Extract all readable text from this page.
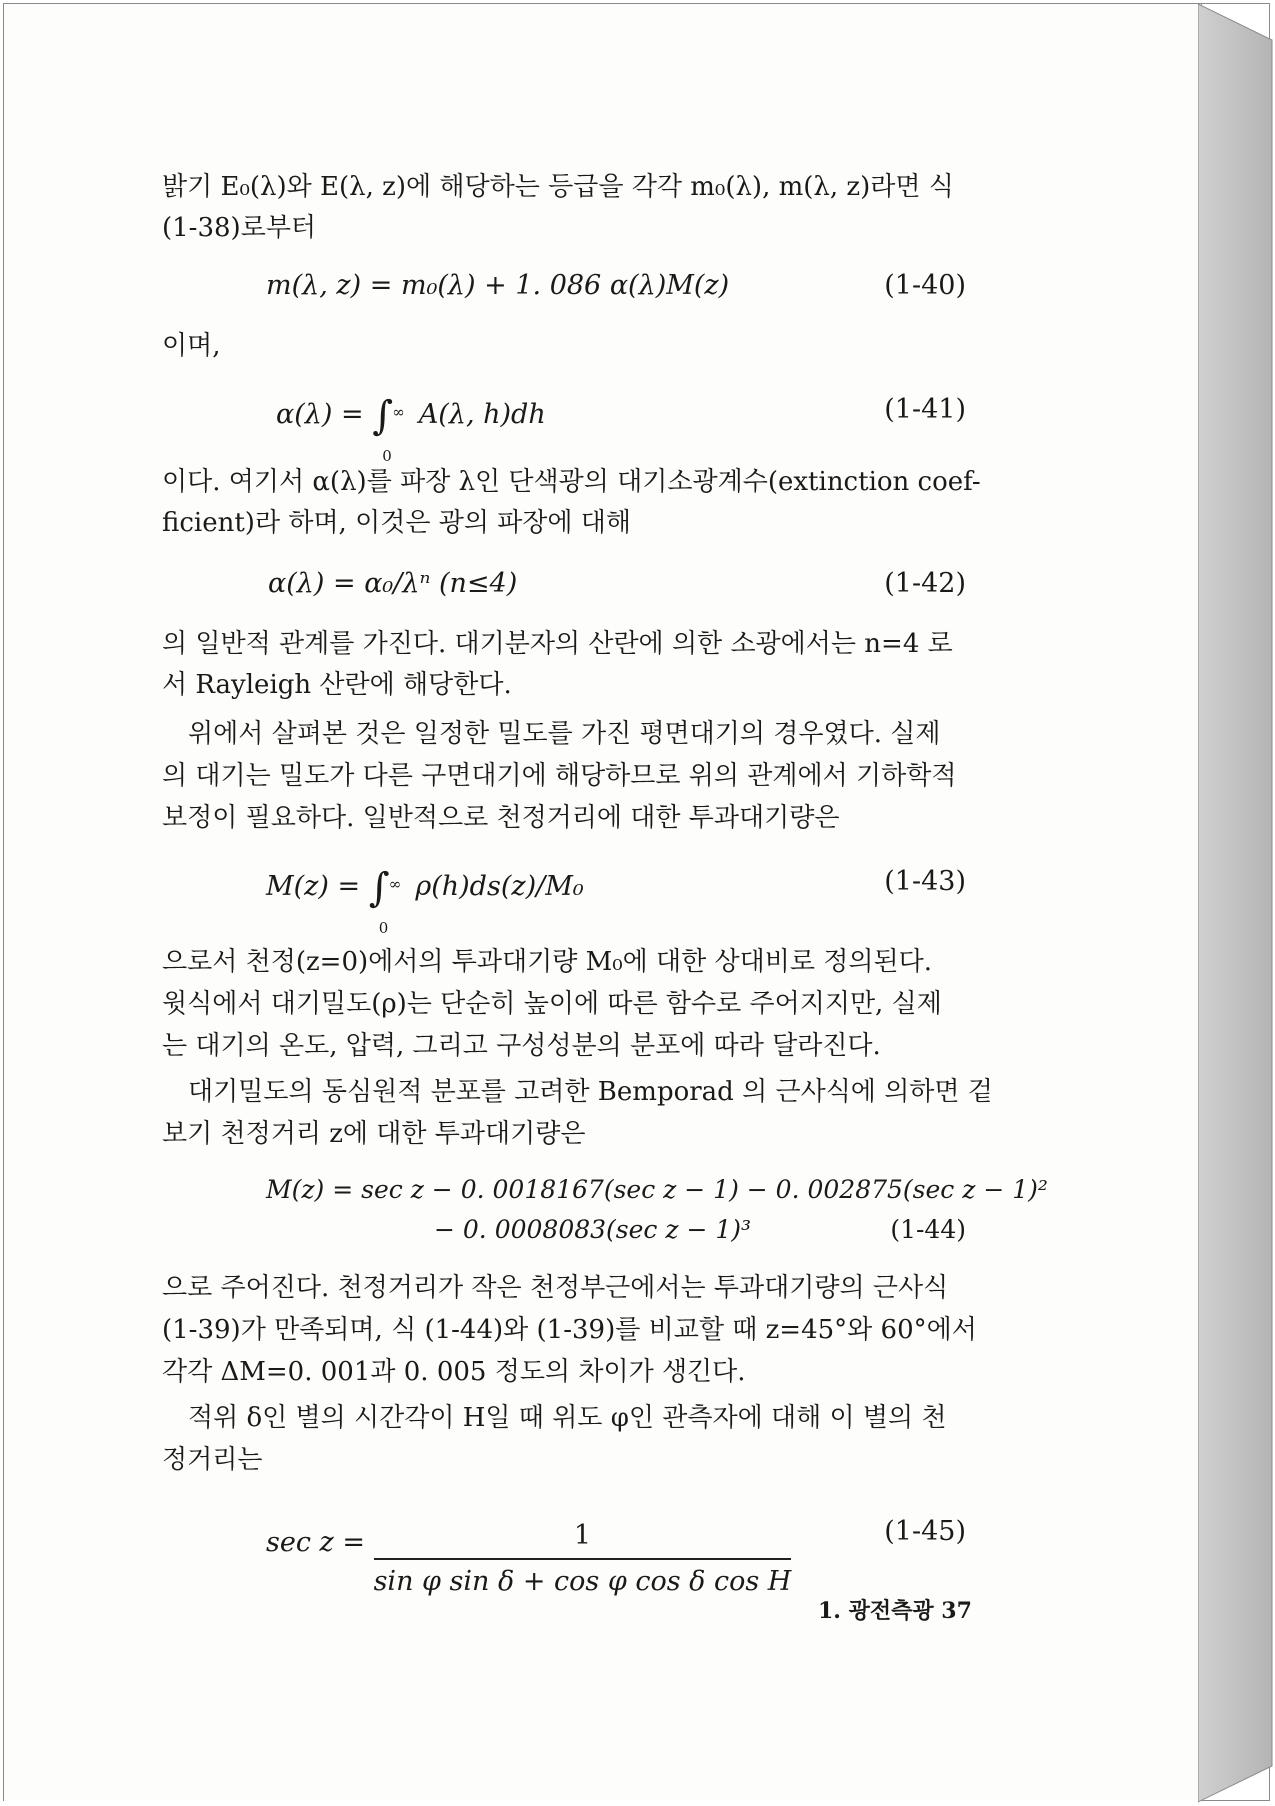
밝기 E₀(λ)와 E(λ, z)에 해당하는 등급을 각각 m₀(λ), m(λ, z)라면 식
(1-38)로부터
m(λ, z) = m₀(λ) + 1. 086 α(λ)M(z)	(1-40)
이며,
α(λ) = ∫ ∞
0
A(λ, h)dh	(1-41)
이다. 여기서 α(λ)를 파장 λ인 단색광의 대기소광계수(extinction coef-
ficient)라 하며, 이것은 광의 파장에 대해
α(λ) = α₀/λⁿ (n≤4)	(1-42)
의 일반적 관계를 가진다. 대기분자의 산란에 의한 소광에서는 n=4 로
서 Rayleigh 산란에 해당한다.
위에서 살펴본 것은 일정한 밀도를 가진 평면대기의 경우였다. 실제
의 대기는 밀도가 다른 구면대기에 해당하므로 위의 관계에서 기하학적
보정이 필요하다. 일반적으로 천정거리에 대한 투과대기량은
M(z) = ∫ ∞
0
ρ(h)ds(z)/M₀	(1-43)
으로서 천정(z=0)에서의 투과대기량 M₀에 대한 상대비로 정의된다.
윗식에서 대기밀도(ρ)는 단순히 높이에 따른 함수로 주어지지만, 실제
는 대기의 온도, 압력, 그리고 구성성분의 분포에 따라 달라진다.
대기밀도의 동심원적 분포를 고려한 Bemporad 의 근사식에 의하면 겉
보기 천정거리 z에 대한 투과대기량은
M(z) = sec z − 0. 0018167(sec z − 1) − 0. 002875(sec z − 1)²
− 0. 0008083(sec z − 1)³	(1-44)
으로 주어진다. 천정거리가 작은 천정부근에서는 투과대기량의 근사식
(1-39)가 만족되며, 식 (1-44)와 (1-39)를 비교할 때 z=45°와 60°에서
각각 ΔM=0. 001과 0. 005 정도의 차이가 생긴다.
적위 δ인 별의 시간각이 H일 때 위도 φ인 관측자에 대해 이 별의 천
정거리는
$\sec z = \frac{1}{\text{sin φ sin δ + cos φ cos δ cos H}}$	(1-45)
1. 광전측광 37
